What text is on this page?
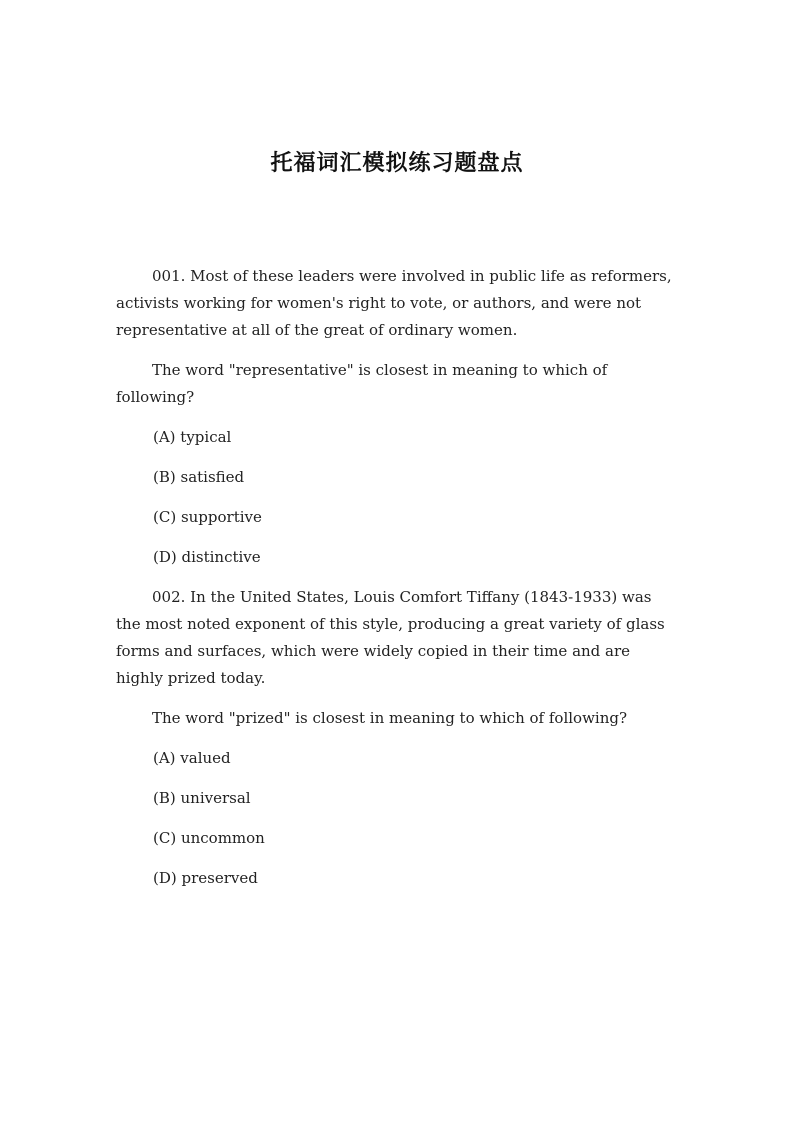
托福词汇模拟练习题盘点

001. Most of these leaders were involved in public life as reformers, activists working for women's right to vote, or authors, and were not representative at all of the great of ordinary women.

The word "representative" is closest in meaning to which of following?

(A) typical

(B) satisfied

(C) supportive

(D) distinctive

002. In the United States, Louis Comfort Tiffany (1843-1933) was the most noted exponent of this style, producing a great variety of glass forms and surfaces, which were widely copied in their time and are highly prized today.

The word "prized" is closest in meaning to which of following?

(A) valued

(B) universal

(C) uncommon

(D) preserved
